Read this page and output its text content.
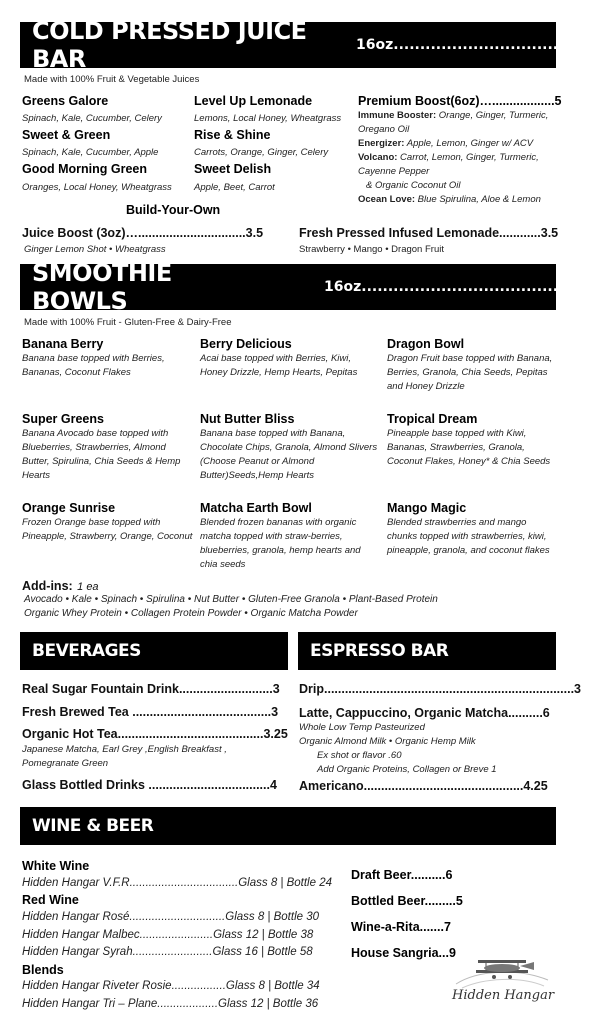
COLD PRESSED JUICE BAR	16oz....................................8
Made with 100% Fruit & Vegetable Juices
Greens Galore
Spinach, Kale, Cucumber, Celery
Sweet & Green
Spinach, Kale, Cucumber, Apple
Good Morning Green
Oranges, Local Honey, Wheatgrass
Level Up Lemonade
Lemons, Local Honey, Wheatgrass
Rise & Shine
Carrots, Orange, Ginger, Celery
Sweet Delish
Apple, Beet, Carrot
Build-Your-Own
Premium Boost(6oz)…..................5
Immune Booster: Orange, Ginger, Turmeric, Oregano Oil
Energizer: Apple, Lemon, Ginger w/ ACV
Volcano: Carrot, Lemon, Ginger, Turmeric, Cayenne Pepper
& Organic Coconut Oil
Ocean Love: Blue Spirulina, Aloe & Lemon
Juice Boost (3oz)…...............................3.5
Ginger Lemon Shot • Wheatgrass
Fresh Pressed Infused Lemonade............3.5
Strawberry • Mango • Dragon Fruit
SMOOTHIE BOWLS	16oz.......................................7.5
Made with 100% Fruit - Gluten-Free & Dairy-Free
Banana Berry
Banana base topped with Berries, Bananas, Coconut Flakes
Berry Delicious
Acai base topped with Berries, Kiwi, Honey Drizzle, Hemp Hearts, Pepitas
Dragon Bowl
Dragon Fruit base topped with Banana, Berries, Granola, Chia Seeds, Pepitas and Honey Drizzle
Super Greens
Banana Avocado base topped with Blueberries, Strawberries, Almond Butter, Spirulina, Chia Seeds & Hemp Hearts
Nut Butter Bliss
Banana base topped with Banana, Chocolate Chips, Granola, Almond Slivers (Choose Peanut or Almond Butter)Seeds,Hemp Hearts
Tropical Dream
Pineapple base topped with Kiwi, Bananas, Strawberries, Granola, Coconut Flakes, Honey* & Chia Seeds
Orange Sunrise
Frozen Orange base topped with Pineapple, Strawberry, Orange, Coconut
Matcha Earth Bowl
Blended frozen bananas with organic matcha topped with straw-berries, blueberries, granola, hemp hearts and chia seeds
Mango Magic
Blended strawberries and mango chunks topped with strawberries, kiwi, pineapple, granola, and coconut flakes
Add-ins: 1 ea
Avocado • Kale • Spinach • Spirulina • Nut Butter • Gluten-Free Granola • Plant-Based Protein
Organic Whey Protein • Collagen Protein Powder • Organic Matcha Powder
BEVERAGES
Real Sugar Fountain Drink...........................3
Fresh Brewed Tea ........................................3
Organic Hot Tea..........................................3.25
Japanese Matcha, Earl Grey ,English Breakfast , Pomegranate Green
Glass Bottled Drinks ...................................4
ESPRESSO BAR
Drip........................................................................3
Latte, Cappuccino, Organic Matcha..........6
Whole Low Temp Pasteurized
Organic Almond Milk • Organic Hemp Milk
Ex shot or flavor .60
Add Organic Proteins, Collagen or Breve 1
Americano..............................................4.25
WINE & BEER
White Wine
Hidden Hangar V.F.R..................................Glass 8 | Bottle 24
Red Wine
Hidden Hangar Rosé..............................Glass 8 | Bottle 30
Hidden Hangar Malbec.......................Glass 12 | Bottle 38
Hidden Hangar Syrah.........................Glass 16 | Bottle 58
Blends
Hidden Hangar Riveter Rosie.................Glass 8 | Bottle 34
Hidden Hangar Tri – Plane...................Glass 12 | Bottle 36
Draft Beer..........6
Bottled Beer.........5
Wine-a-Rita.......7
House Sangria...9
Hidden Hangar
